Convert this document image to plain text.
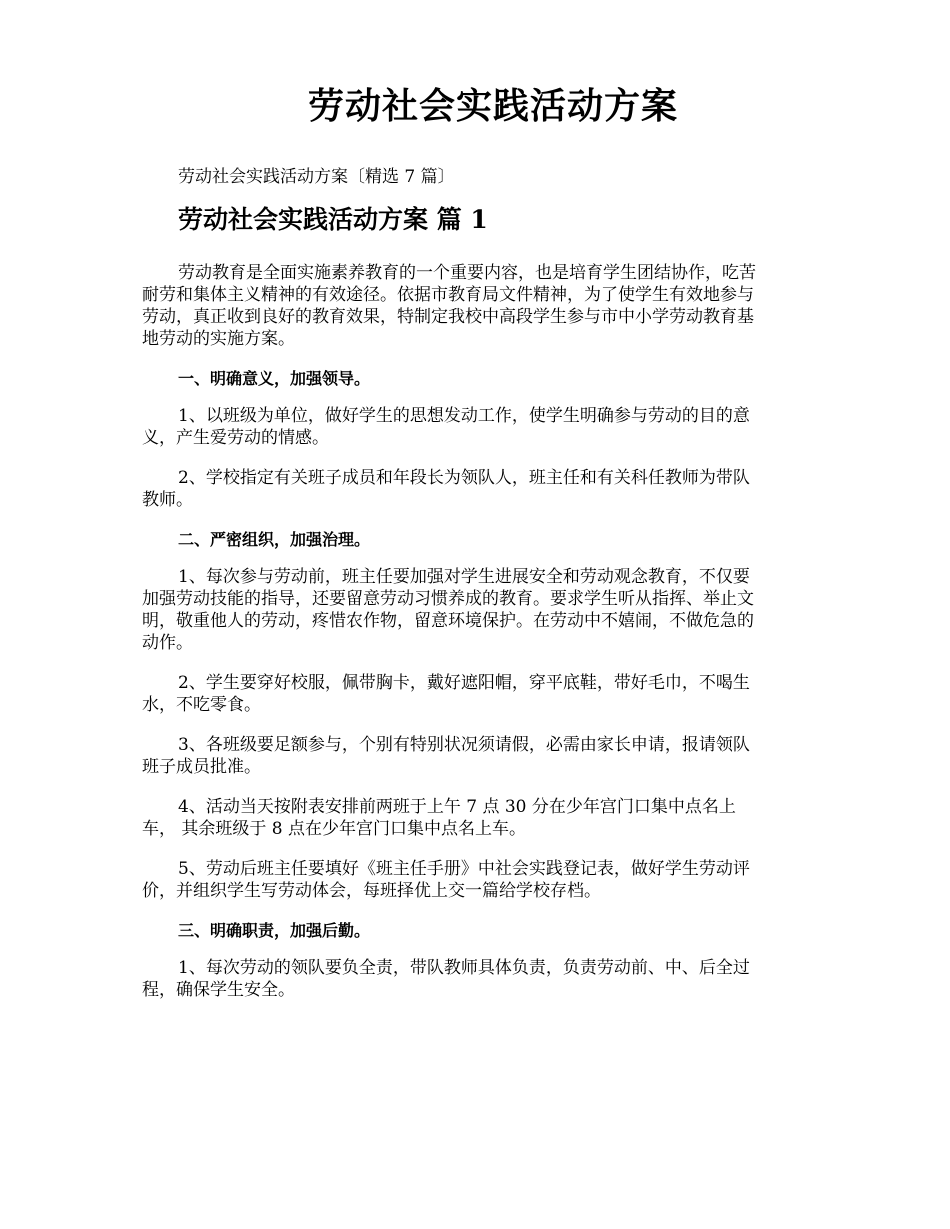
劳动社会实践活动方案
劳动社会实践活动方案〔精选 7 篇〕
劳动社会实践活动方案 篇 1
劳动教育是全面实施素养教育的一个重要内容，也是培育学生团结协作，吃苦
耐劳和集体主义精神的有效途径。依据市教育局文件精神，为了使学生有效地参与
劳动，真正收到良好的教育效果，特制定我校中高段学生参与市中小学劳动教育基
地劳动的实施方案。
一、明确意义，加强领导。
1、以班级为单位，做好学生的思想发动工作，使学生明确参与劳动的目的意
义，产生爱劳动的情感。
2、学校指定有关班子成员和年段长为领队人，班主任和有关科任教师为带队
教师。
二、严密组织，加强治理。
1、每次参与劳动前，班主任要加强对学生进展安全和劳动观念教育，不仅要
加强劳动技能的指导，还要留意劳动习惯养成的教育。要求学生听从指挥、举止文
明，敬重他人的劳动，疼惜农作物，留意环境保护。在劳动中不嬉闹，不做危急的
动作。
2、学生要穿好校服，佩带胸卡，戴好遮阳帽，穿平底鞋，带好毛巾，不喝生
水，不吃零食。
3、各班级要足额参与，个别有特别状况须请假，必需由家长申请，报请领队
班子成员批准。
4、活动当天按附表安排前两班于上午 7 点 30 分在少年宫门口集中点名上
车， 其余班级于 8 点在少年宫门口集中点名上车。
5、劳动后班主任要填好《班主任手册》中社会实践登记表，做好学生劳动评
价，并组织学生写劳动体会，每班择优上交一篇给学校存档。
三、明确职责，加强后勤。
1、每次劳动的领队要负全责，带队教师具体负责，负责劳动前、中、后全过
程，确保学生安全。
